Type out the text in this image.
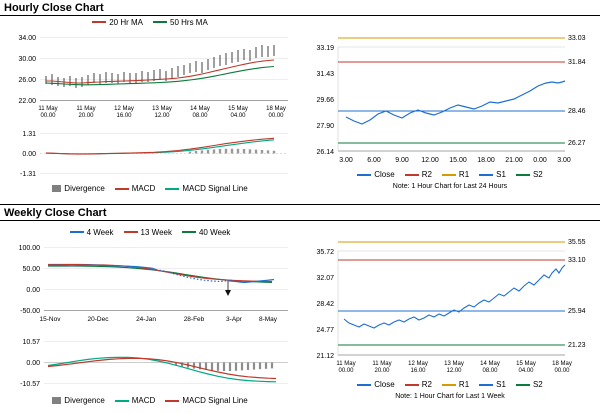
Hourly Close Chart
20 Hr MA	50 Hrs MA
34.00
30.00
26.00
22.00
11 May
00.00
11 May
20.00
12 May
16.00
13 May
12.00
14 May
08.00
15 May
04.00
18 May
00.00
1.31
0.00
-1.31
Divergence	MACD	MACD Signal Line
33.19
31.43
29.66
27.90
26.14
33.03
31.84
28.46
26.27
3.00 6.00 9.00 12.00 15.00 18.00 21.00 0.00 3.00
Close	R2	R1	S1	S2
Note: 1 Hour Chart for Last 24 Hours
Weekly Close Chart
4 Week	13 Week	40 Week
100.00
50.00
0.00
-50.00
15-Nov	20-Dec	24-Jan	28-Feb	3-Apr	8-May
10.57
0.00
-10.57
Divergence	MACD	MACD Signal Line
35.72
32.07
28.42
24.77
21.12
35.55
33.10
25.94
21.23
11 May
00.00
11 May
20.00
12 May
16.00
13 May
12.00
14 May
08.00
15 May
04.00
18 May
00.00
Close	R2	R1	S1	S2
Note: 1 Hour Chart for Last 1 Week
